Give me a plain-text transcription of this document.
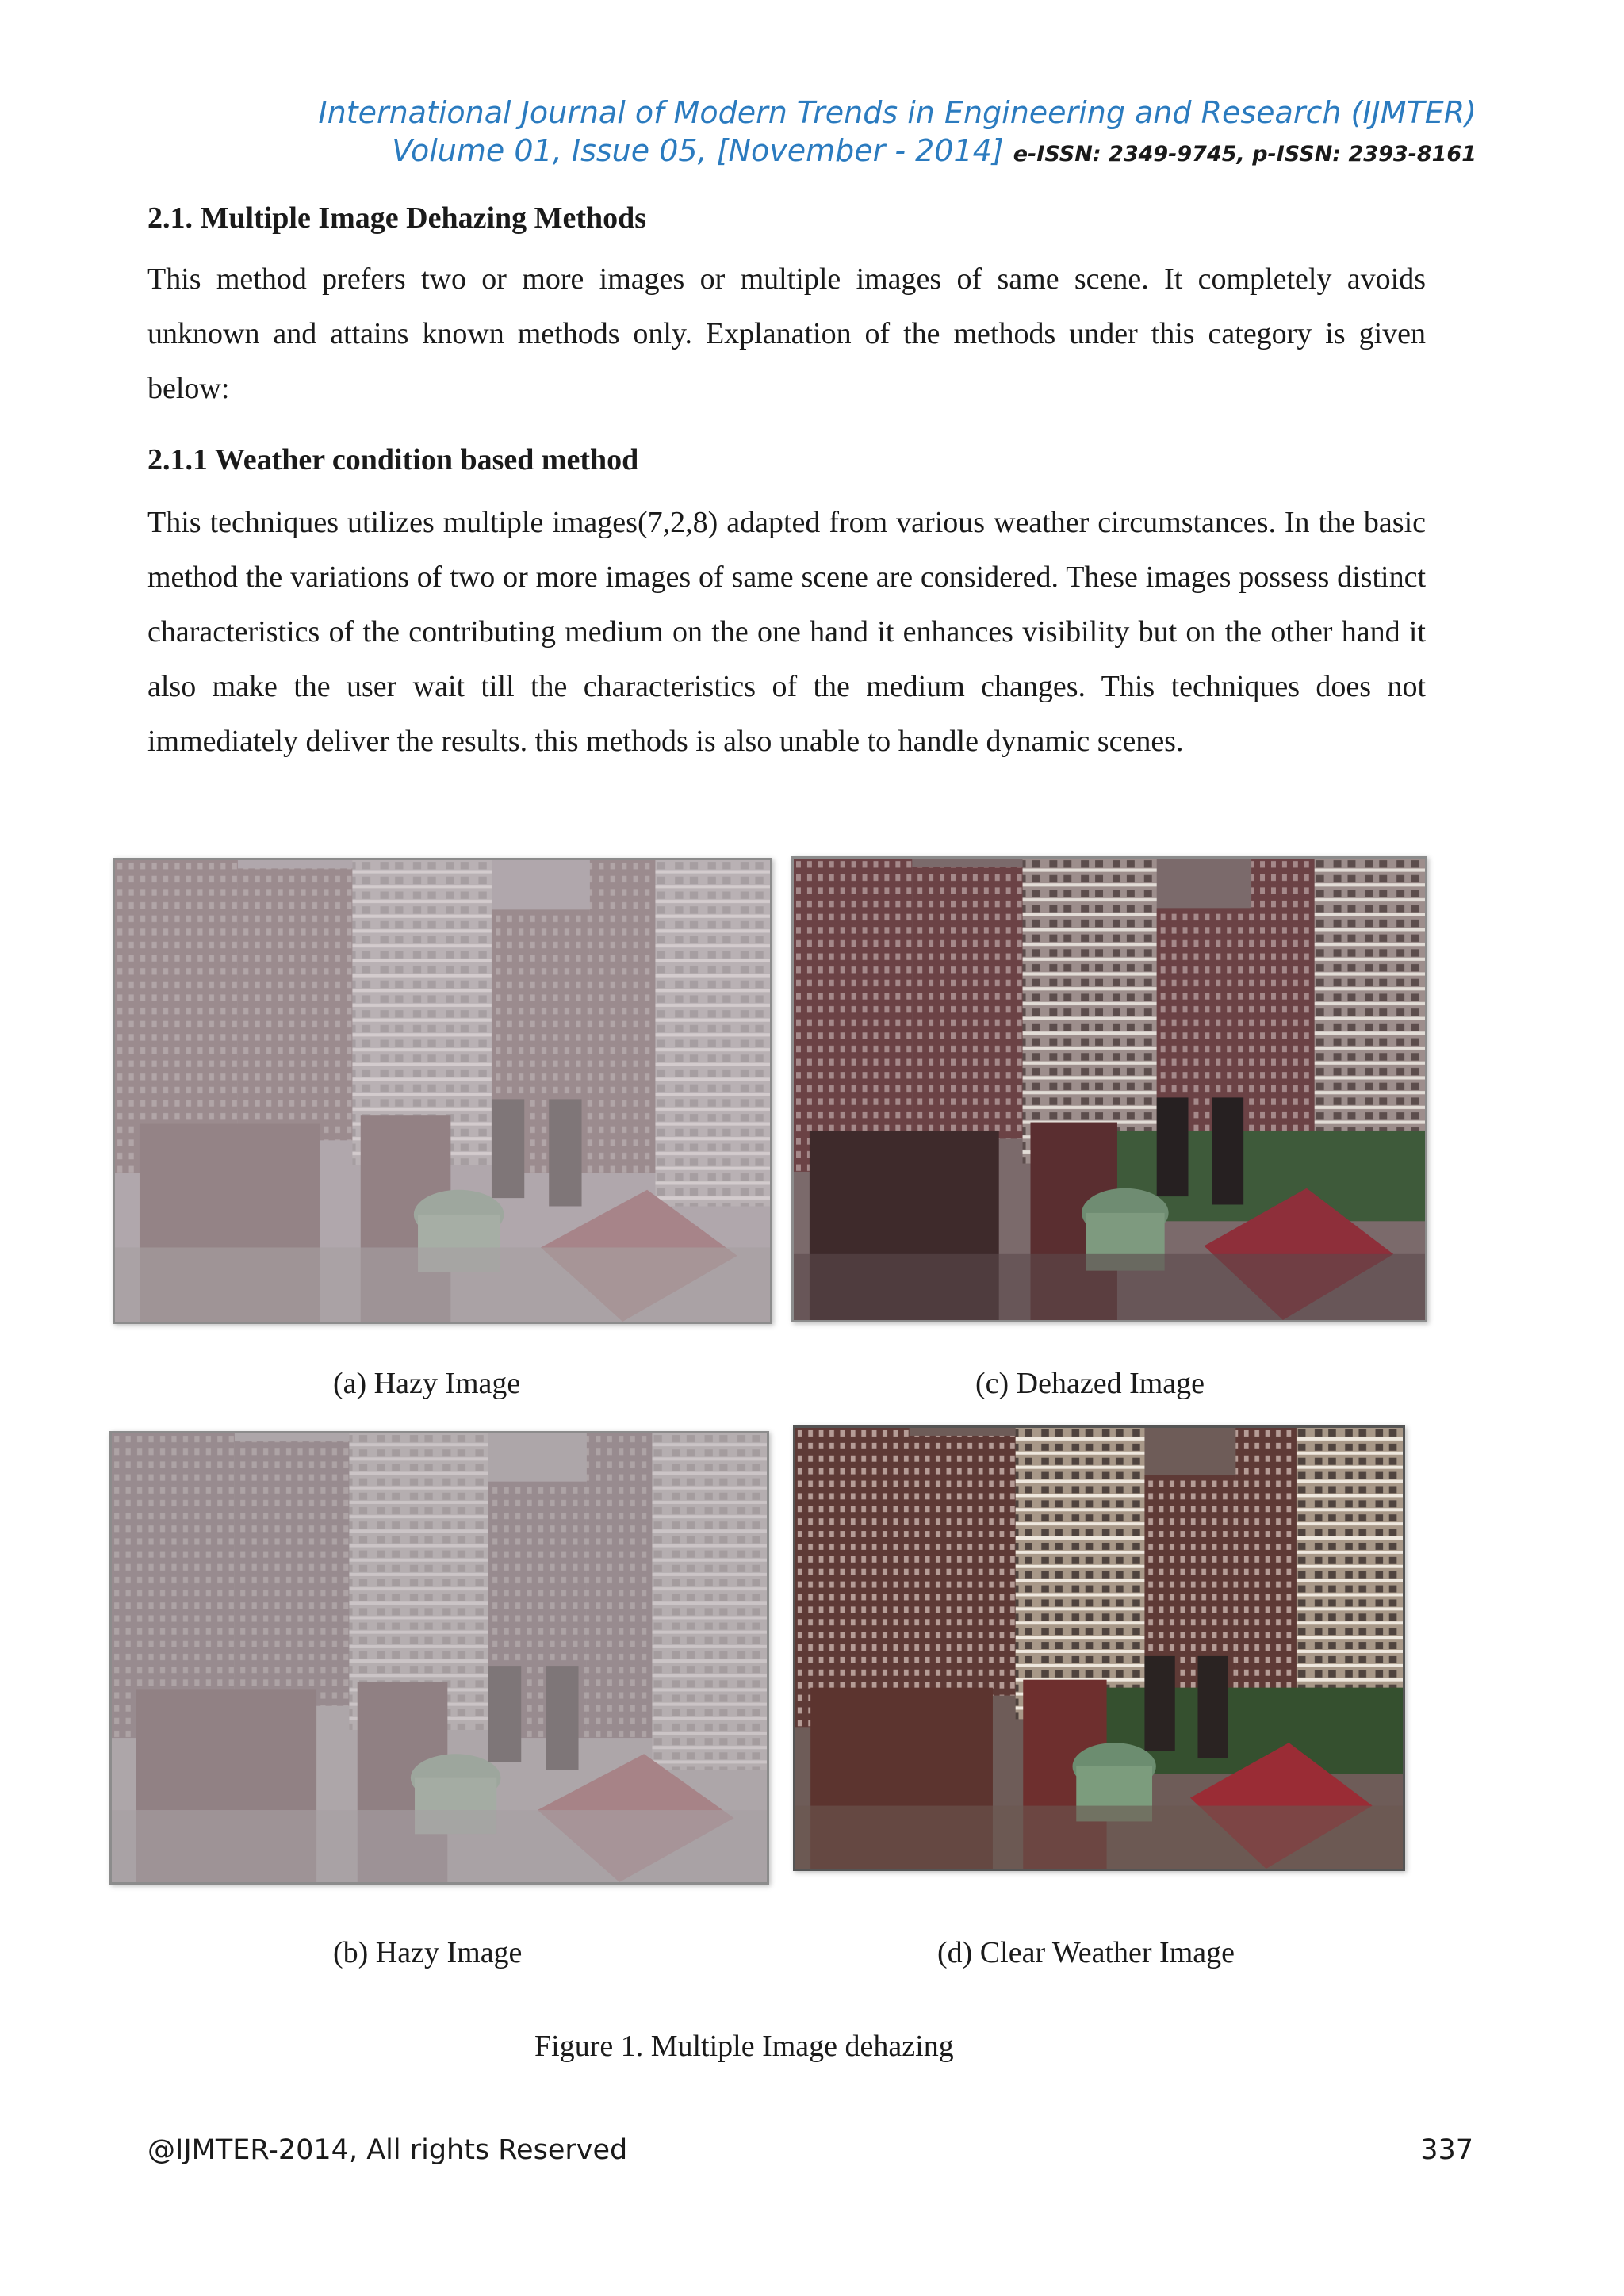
International Journal of Modern Trends in Engineering and Research (IJMTER)
Volume 01, Issue 05, [November - 2014] e-ISSN: 2349-9745, p-ISSN: 2393-8161
2.1. Multiple Image Dehazing Methods

This method prefers two or more images or multiple images of same scene. It completely avoids unknown and attains known methods only. Explanation of the methods under this category is given below:

2.1.1 Weather condition based method

This techniques utilizes multiple images(7,2,8) adapted from various weather circumstances. In the basic method the variations of two or more images of same scene are considered. These images possess distinct characteristics of the contributing medium on the one hand it enhances visibility but on the other hand it also make the user wait till the characteristics of the medium changes. This techniques does not immediately deliver the results. this methods is also unable to handle dynamic scenes.

(a) Hazy Image	(c) Dehazed Image
(b) Hazy Image	(d) Clear Weather Image
Figure 1. Multiple Image dehazing
@IJMTER-2014, All rights Reserved	337
